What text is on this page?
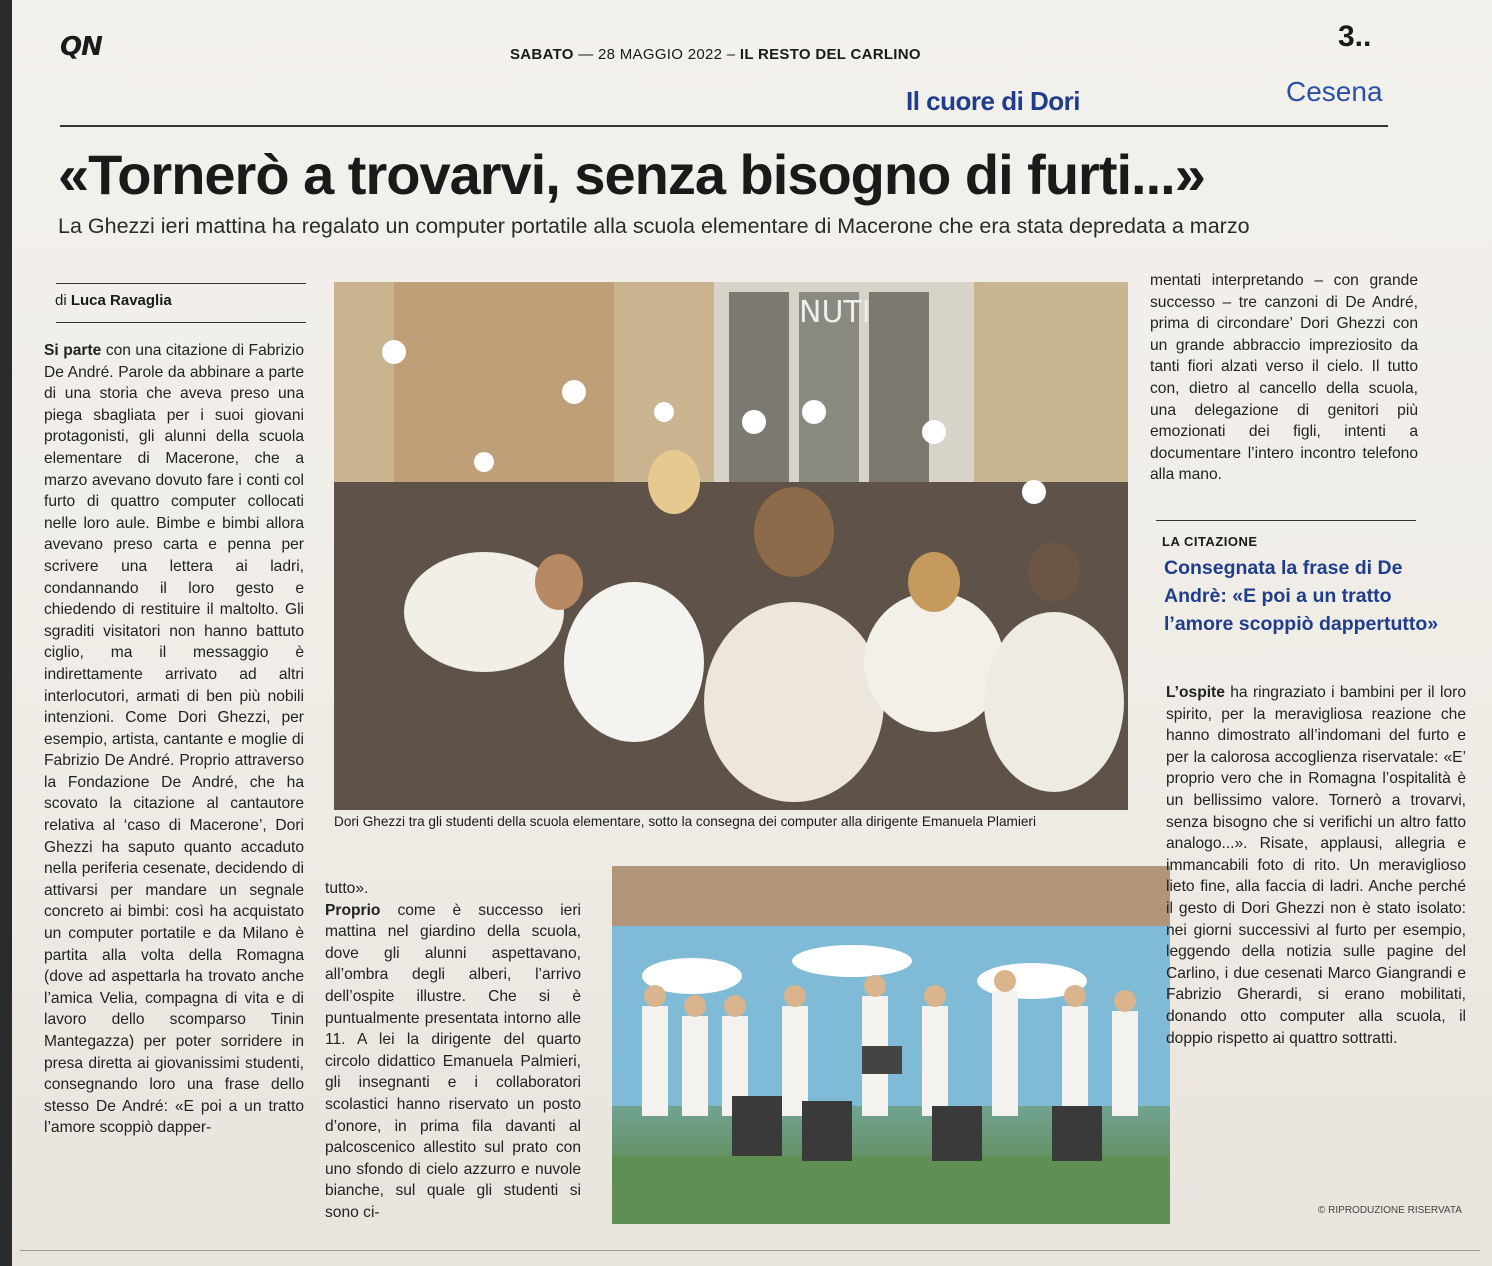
QN	SABATO — 28 MAGGIO 2022 – IL RESTO DEL CARLINO
3..
Il cuore di Dori	Cesena
«Tornerò a trovarvi, senza bisogno di furti...»
La Ghezzi ieri mattina ha regalato un computer portatile alla scuola elementare di Macerone che era stata depredata a marzo
di Luca Ravaglia
Si parte con una citazione di Fabrizio De André. Parole da abbinare a parte di una storia che aveva preso una piega sbagliata per i suoi giovani protagonisti, gli alunni della scuola elementare di Macerone, che a marzo avevano dovuto fare i conti col furto di quattro computer collocati nelle loro aule. Bimbe e bimbi allora avevano preso carta e penna per scrivere una lettera ai ladri, condannando il loro gesto e chiedendo di restituire il maltolto. Gli sgraditi visitatori non hanno battuto ciglio, ma il messaggio è indirettamente arrivato ad altri interlocutori, armati di ben più nobili intenzioni. Come Dori Ghezzi, per esempio, artista, cantante e moglie di Fabrizio De André. Proprio attraverso la Fondazione De André, che ha scovato la citazione al cantautore relativa al ‘caso di Macerone’, Dori Ghezzi ha saputo quanto accaduto nella periferia cesenate, decidendo di attivarsi per mandare un segnale concreto ai bimbi: così ha acquistato un computer portatile e da Milano è partita alla volta della Romagna (dove ad aspettarla ha trovato anche l’amica Velia, compagna di vita e di lavoro dello scomparso Tinin Mantegazza) per poter sorridere in presa diretta ai giovanissimi studenti, consegnando loro una frase dello stesso De André: «E poi a un tratto l’amore scoppiò dapper-
NUTI
Dori Ghezzi tra gli studenti della scuola elementare, sotto la consegna dei computer alla dirigente Emanuela Plamieri
tutto».
Proprio come è successo ieri mattina nel giardino della scuola, dove gli alunni aspettavano, all’ombra degli alberi, l’arrivo dell’ospite illustre. Che si è puntualmente presentata intorno alle 11. A lei la dirigente del quarto circolo didattico Emanuela Palmieri, gli insegnanti e i collaboratori scolastici hanno riservato un posto d’onore, in prima fila davanti al palcoscenico allestito sul prato con uno sfondo di cielo azzurro e nuvole bianche, sul quale gli studenti si sono ci-
mentati interpretando – con grande successo – tre canzoni di De André, prima di circondare’ Dori Ghezzi con un grande abbraccio impreziosito da tanti fiori alzati verso il cielo. Il tutto con, dietro al cancello della scuola, una delegazione di genitori più emozionati dei figli, intenti a documentare l’intero incontro telefono alla mano.
LA CITAZIONE
Consegnata la frase di De Andrè: «E poi a un tratto l’amore scoppiò dappertutto»
L’ospite ha ringraziato i bambini per il loro spirito, per la meravigliosa reazione che hanno dimostrato all’indomani del furto e per la calorosa accoglienza riservatale: «E’ proprio vero che in Romagna l’ospitalità è un bellissimo valore. Tornerò a trovarvi, senza bisogno che si verifichi un altro fatto analogo...». Risate, applausi, allegria e immancabili foto di rito. Un meraviglioso lieto fine, alla faccia di ladri. Anche perché il gesto di Dori Ghezzi non è stato isolato: nei giorni successivi al furto per esempio, leggendo della notizia sulle pagine del Carlino, i due cesenati Marco Giangrandi e Fabrizio Gherardi, si erano mobilitati, donando otto computer alla scuola, il doppio rispetto ai quattro sottratti.
© RIPRODUZIONE RISERVATA
